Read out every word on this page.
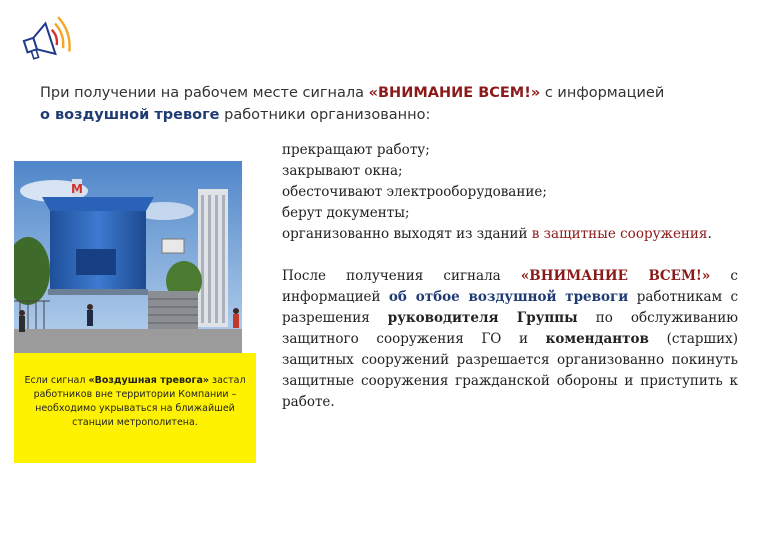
При получении на рабочем месте сигнала «ВНИМАНИЕ ВСЕМ!» с информацией
о воздушной тревоге работники организованно:
прекращают работу;
закрывают окна;
обесточивают электрооборудование;
берут документы;
организованно выходят из зданий в защитные сооружения.
После получения сигнала «ВНИМАНИЕ ВСЕМ!» с информацией об отбое воздушной тревоги работникам с разрешения руководителя Группы по обслуживанию защитного сооружения ГО и комендантов (старших) защитных сооружений разрешается организованно покинуть защитные сооружения гражданской обороны и приступить к работе.
M
Если сигнал «Воздушная тревога» застал работников вне территории Компании – необходимо укрываться на ближайшей станции метрополитена.
